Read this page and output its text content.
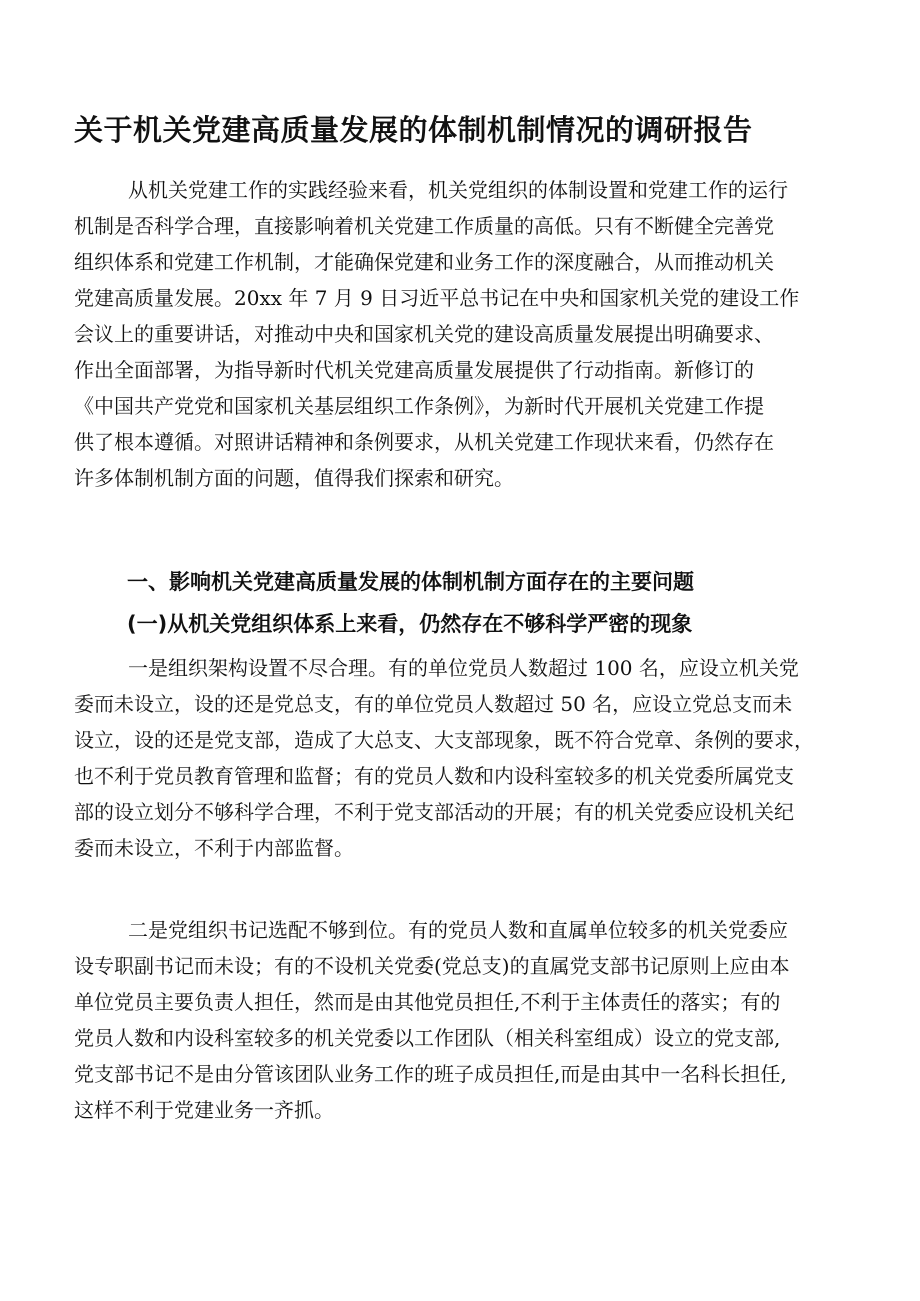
关于机关党建高质量发展的体制机制情况的调研报告
从机关党建工作的实践经验来看，机关党组织的体制设置和党建工作的运行
机制是否科学合理，直接影响着机关党建工作质量的高低。只有不断健全完善党
组织体系和党建工作机制，才能确保党建和业务工作的深度融合，从而推动机关
党建高质量发展。20xx 年 7 月 9 日习近平总书记在中央和国家机关党的建设工作
会议上的重要讲话，对推动中央和国家机关党的建设高质量发展提出明确要求、
作出全面部署，为指导新时代机关党建高质量发展提供了行动指南。新修订的
《中国共产党党和国家机关基层组织工作条例》，为新时代开展机关党建工作提
供了根本遵循。对照讲话精神和条例要求，从机关党建工作现状来看，仍然存在
许多体制机制方面的问题，值得我们探索和研究。
一、影响机关党建高质量发展的体制机制方面存在的主要问题
(一)从机关党组织体系上来看，仍然存在不够科学严密的现象
一是组织架构设置不尽合理。有的单位党员人数超过 100 名，应设立机关党
委而未设立，设的还是党总支，有的单位党员人数超过 50 名，应设立党总支而未
设立，设的还是党支部，造成了大总支、大支部现象，既不符合党章、条例的要求，
也不利于党员教育管理和监督；有的党员人数和内设科室较多的机关党委所属党支
部的设立划分不够科学合理，不利于党支部活动的开展；有的机关党委应设机关纪
委而未设立，不利于内部监督。
二是党组织书记选配不够到位。有的党员人数和直属单位较多的机关党委应
设专职副书记而未设；有的不设机关党委(党总支)的直属党支部书记原则上应由本
单位党员主要负责人担任，然而是由其他党员担任,不利于主体责任的落实；有的
党员人数和内设科室较多的机关党委以工作团队（相关科室组成）设立的党支部,
党支部书记不是由分管该团队业务工作的班子成员担任,而是由其中一名科长担任,
这样不利于党建业务一齐抓。
